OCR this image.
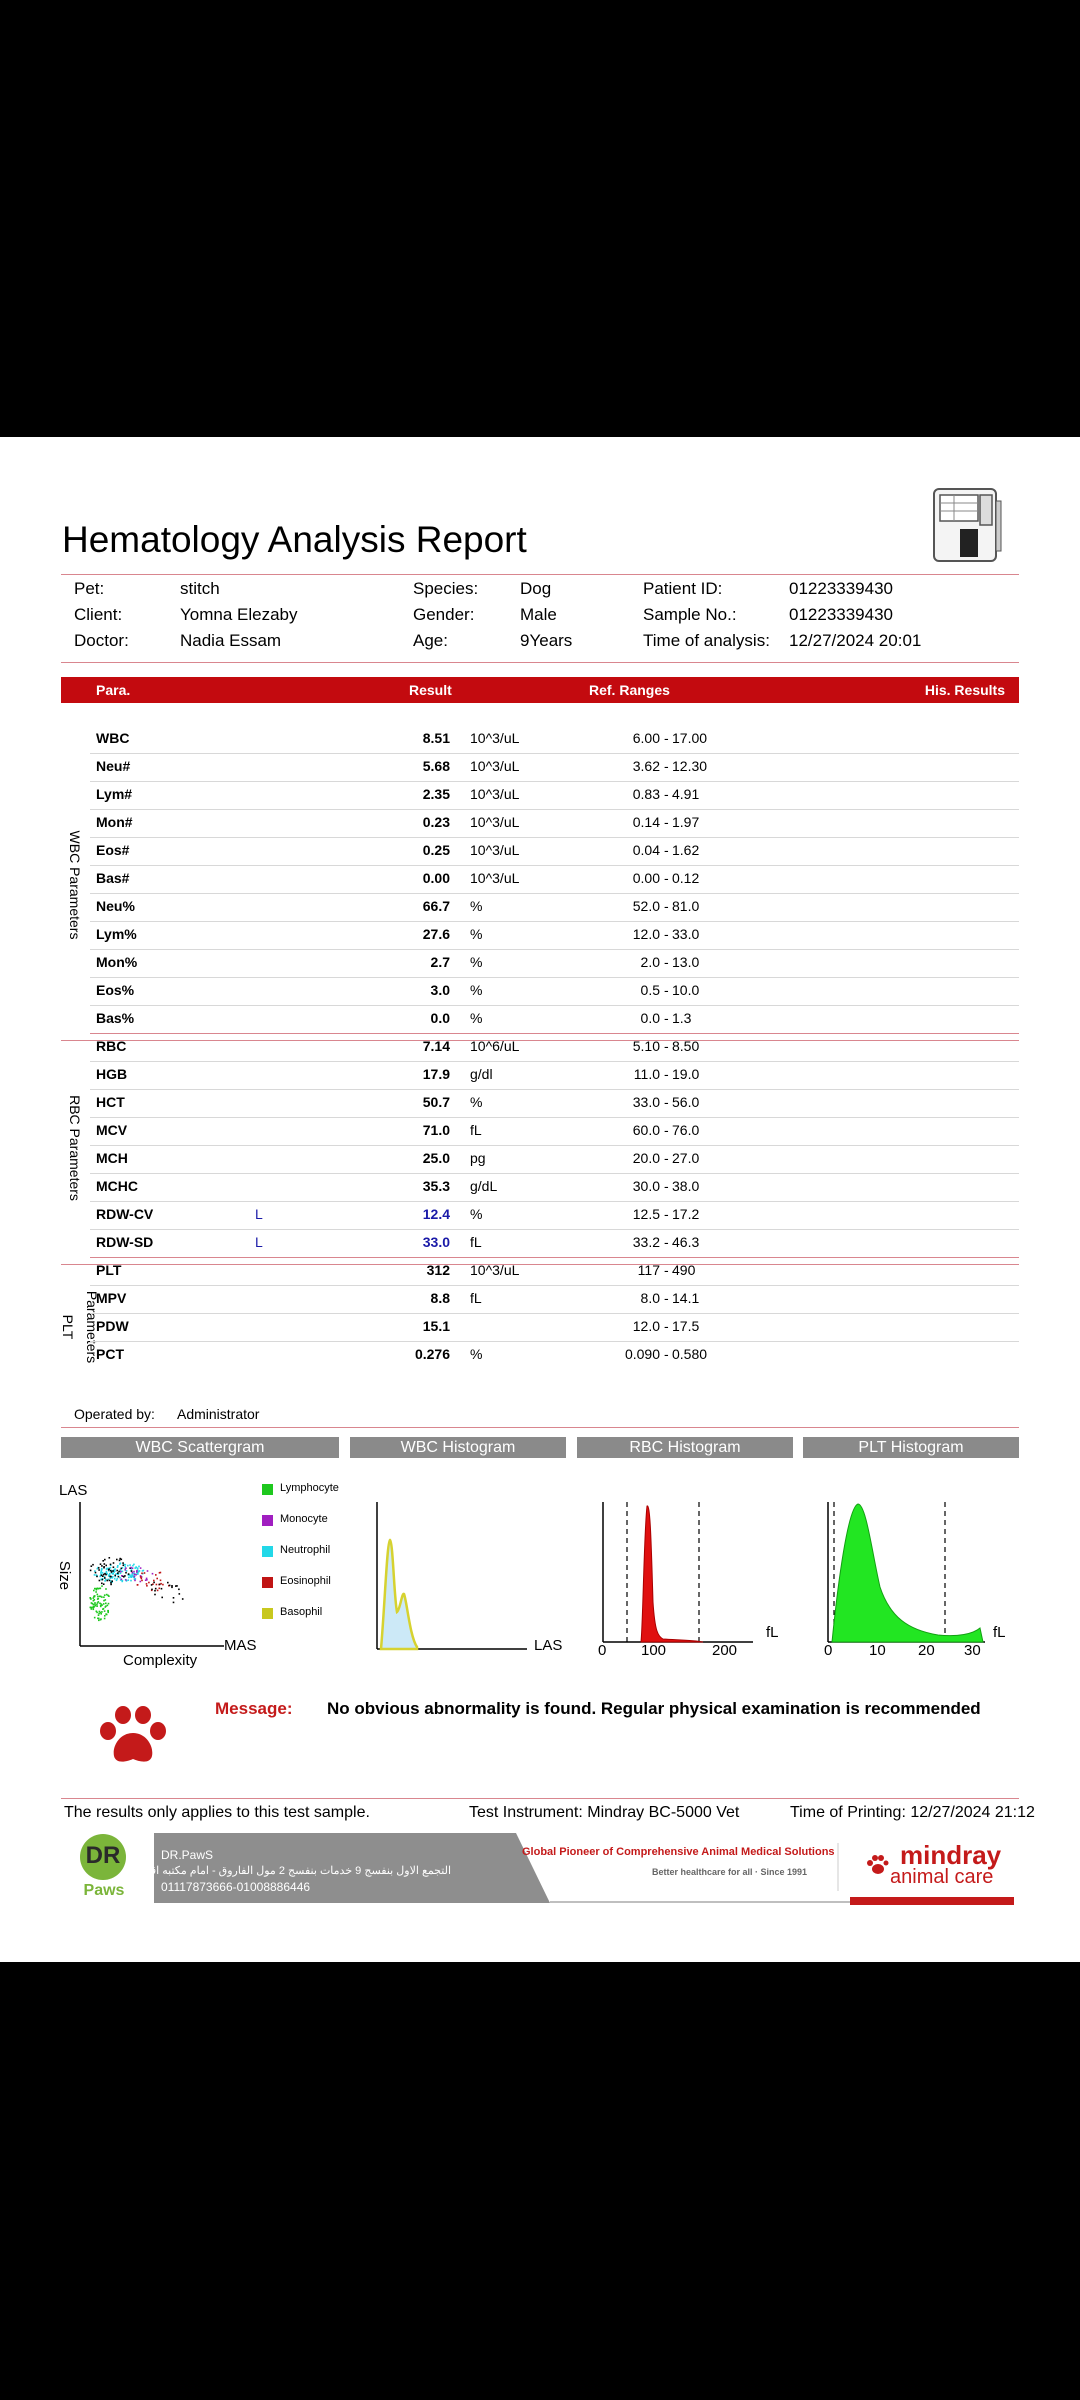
Hematology Analysis Report
Pet:	stitch	Species: Dog	Patient ID:	01223339430
Client:	Yomna Elezaby	Gender:	Male	Sample No.:	01223339430
Doctor:	Nadia Essam	Age:	9Years	Time of analysis: 12/27/2024 20:01
Para.	Result	Ref. Ranges	His. Results
WBC Parameters
RBC Parameters
PLT Parameters
WBC	8.51 10^3/uL	6.00 17.00
-
Neu#	5.68 10^3/uL	3.62 12.30
-
Lym#	2.35 10^3/uL	0.83 4.91
-
Mon#	0.23 10^3/uL	0.14 1.97
-
Eos#	0.25 10^3/uL	0.04 1.62
-
Bas#	0.00 10^3/uL	0.00 0.12
-
Neu%	66.7 %	52.0 81.0
-
Lym%	27.6 %	12.0 33.0
-
Mon%	2.7 %	2.0 13.0
-
Eos%	3.0 %	0.5 10.0
-
Bas%	0.0 %	0.0 1.3
-
RBC	7.14 10^6/uL	5.10 8.50
-
HGB	17.9 g/dl	11.0 19.0
-
HCT	50.7 %	33.0 56.0
-
MCV	71.0 fL	60.0 76.0
-
MCH	25.0 pg	20.0 27.0
-
MCHC	35.3 g/dL	30.0 38.0
-
RDW-CV	L	12.4 %	12.5 17.2
-
RDW-SD	L	33.0 fL	33.2 46.3
-
PLT	312 10^3/uL	117 490
-
MPV	8.8 fL	8.0 14.1
-
PDW	15.1	12.0 17.5
-
PCT	0.276 %	0.090 0.580
-
Operated by: Administrator
WBC Scattergram	WBC Histogram	RBC Histogram	PLT Histogram
LAS
Size
Complexity
MAS
Lymphocyte
Monocyte
Neutrophil
Eosinophil
Basophil
LAS 0 100	200
fL
0 10 20 30
fL
Message: No obvious abnormality is found. Regular physical examination is recommended
The results only applies to this test sample.	Test Instrument: Mindray BC-5000 Vet	Time of Printing: 12/27/2024 21:12
DR
Paws
DR.PawS
التجمع الاول بنفسج 9 خدمات بنفسج 2 مول الفاروق - امام مكتبه اقرأ
01117873666-01008886446
Global Pioneer of Comprehensive Animal Medical Solutions
Better healthcare for all · Since 1991
mindray
animal care
